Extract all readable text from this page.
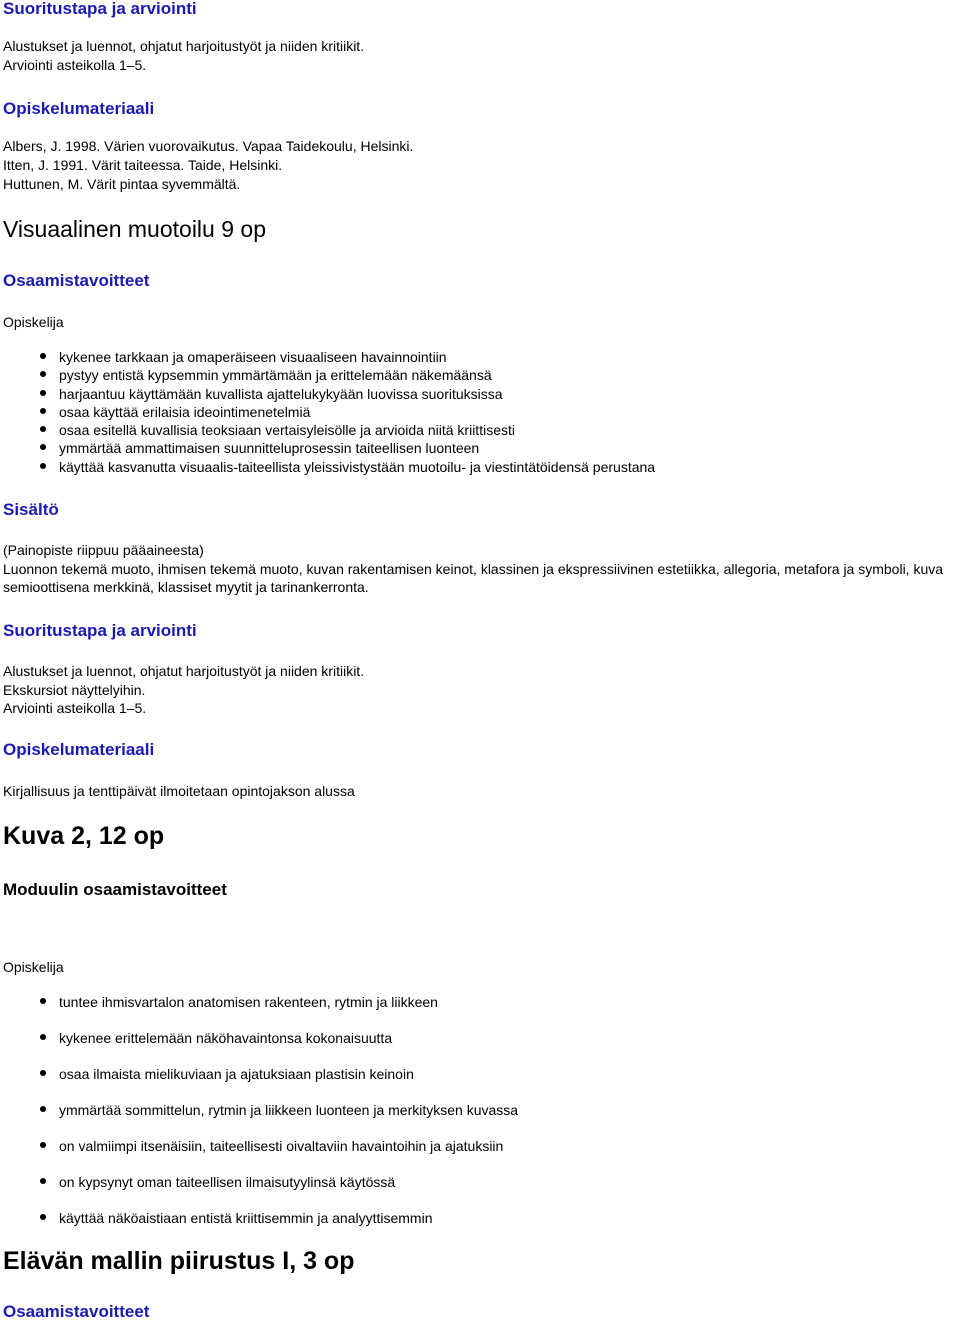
Suoritustapa ja arviointi
Alustukset ja luennot, ohjatut harjoitustyöt ja niiden kritiikit.
Arviointi asteikolla 1–5.
Opiskelumateriaali
Albers, J. 1998. Värien vuorovaikutus. Vapaa Taidekoulu, Helsinki.
Itten, J. 1991. Värit taiteessa. Taide, Helsinki.
Huttunen, M. Värit pintaa syvemmältä.
Visuaalinen muotoilu 9 op
Osaamistavoitteet
Opiskelija
kykenee tarkkaan ja omaperäiseen visuaaliseen havainnointiin
pystyy entistä kypsemmin ymmärtämään ja erittelemään näkemäänsä
harjaantuu käyttämään kuvallista ajattelukykyään luovissa suorituksissa
osaa käyttää erilaisia ideointimenetelmiä
osaa esitellä kuvallisia teoksiaan vertaisyleisölle ja arvioida niitä kriittisesti
ymmärtää ammattimaisen suunnitteluprosessin taiteellisen luonteen
käyttää kasvanutta visuaalis-taiteellista yleissivistystään muotoilu- ja viestintätöidensä perustana
Sisältö
(Painopiste riippuu pääaineesta)

Luonnon tekemä muoto, ihmisen tekemä muoto, kuvan rakentamisen keinot, klassinen ja ekspressiivinen estetiikka, allegoria, metafora ja symboli, kuva semioottisena merkkinä, klassiset myytit ja tarinankerronta.

Suoritustapa ja arviointi
Alustukset ja luennot, ohjatut harjoitustyöt ja niiden kritiikit.
Ekskursiot näyttelyihin.
Arviointi asteikolla 1–5.
Opiskelumateriaali
Kirjallisuus ja tenttipäivät ilmoitetaan opintojakson alussa
Kuva 2, 12 op
Moduulin osaamistavoitteet
Opiskelija
tuntee ihmisvartalon anatomisen rakenteen, rytmin ja liikkeen
kykenee erittelemään näköhavaintonsa kokonaisuutta
osaa ilmaista mielikuviaan ja ajatuksiaan plastisin keinoin
ymmärtää sommittelun, rytmin ja liikkeen luonteen ja merkityksen kuvassa
on valmiimpi itsenäisiin, taiteellisesti oivaltaviin havaintoihin ja ajatuksiin
on kypsynyt oman taiteellisen ilmaisutyylinsä käytössä
käyttää näköaistiaan entistä kriittisemmin ja analyyttisemmin
Elävän mallin piirustus I, 3 op
Osaamistavoitteet
